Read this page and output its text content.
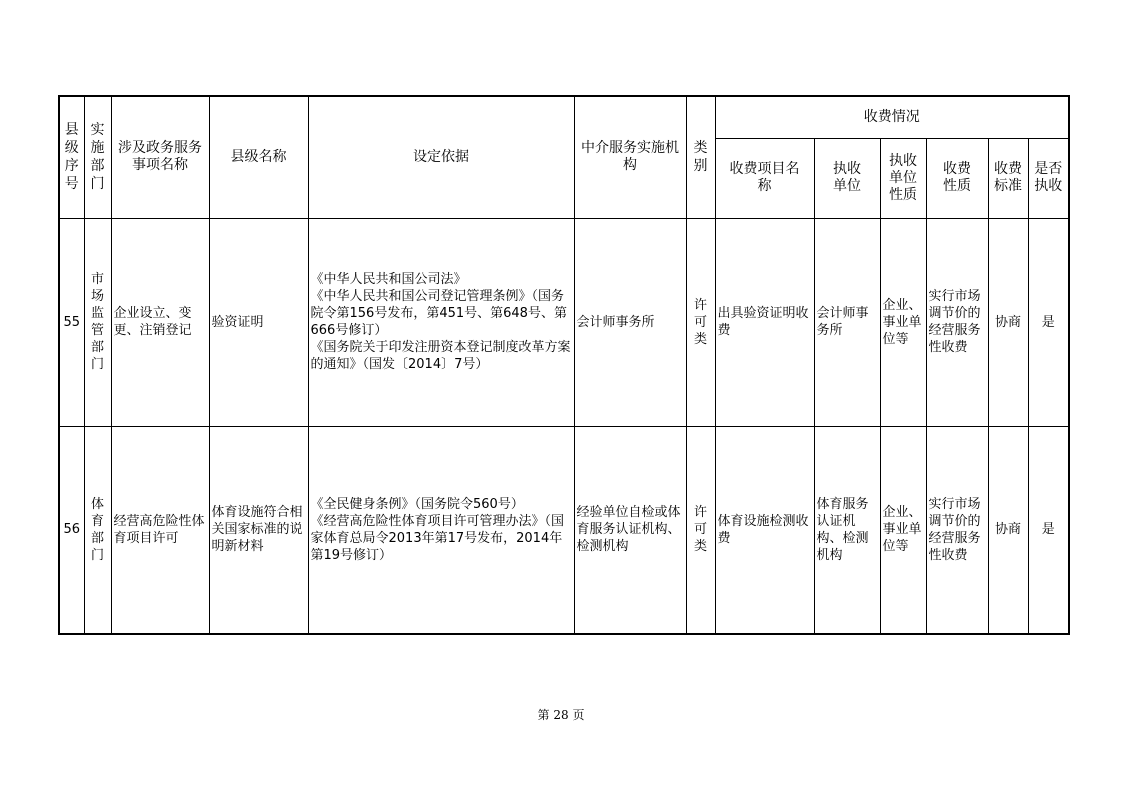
县级序号	实施部门	涉及政务服务事项名称	县级名称	设定依据	中介服务实施机构	类别	收费情况					

							收费项目名称	执收单位	执收单位性质	收费性质	收费标准	是否执收

55	市场监管部门	企业设立、变更、注销登记	验资证明	《中华人民共和国公司法》
《中华人民共和国公司登记管理条例》（国务院令第156号发布，第451号、第648号、第666号修订）
《国务院关于印发注册资本登记制度改革方案的通知》（国发〔2014〕7号）	会计师事务所	许可类	出具验资证明收费	会计师事务所	企业、事业单位等	实行市场调节价的经营服务性收费	协商	是
56	体育部门	经营高危险性体育项目许可	体育设施符合相关国家标准的说明新材料	《全民健身条例》（国务院令560号）
《经营高危险性体育项目许可管理办法》（国家体育总局令2013年第17号发布，2014年第19号修订）	经验单位自检或体育服务认证机构、检测机构	许可类	体育设施检测收费	体育服务认证机构、检测机构	企业、事业单位等	实行市场调节价的经营服务性收费	协商	是
第 28 页
